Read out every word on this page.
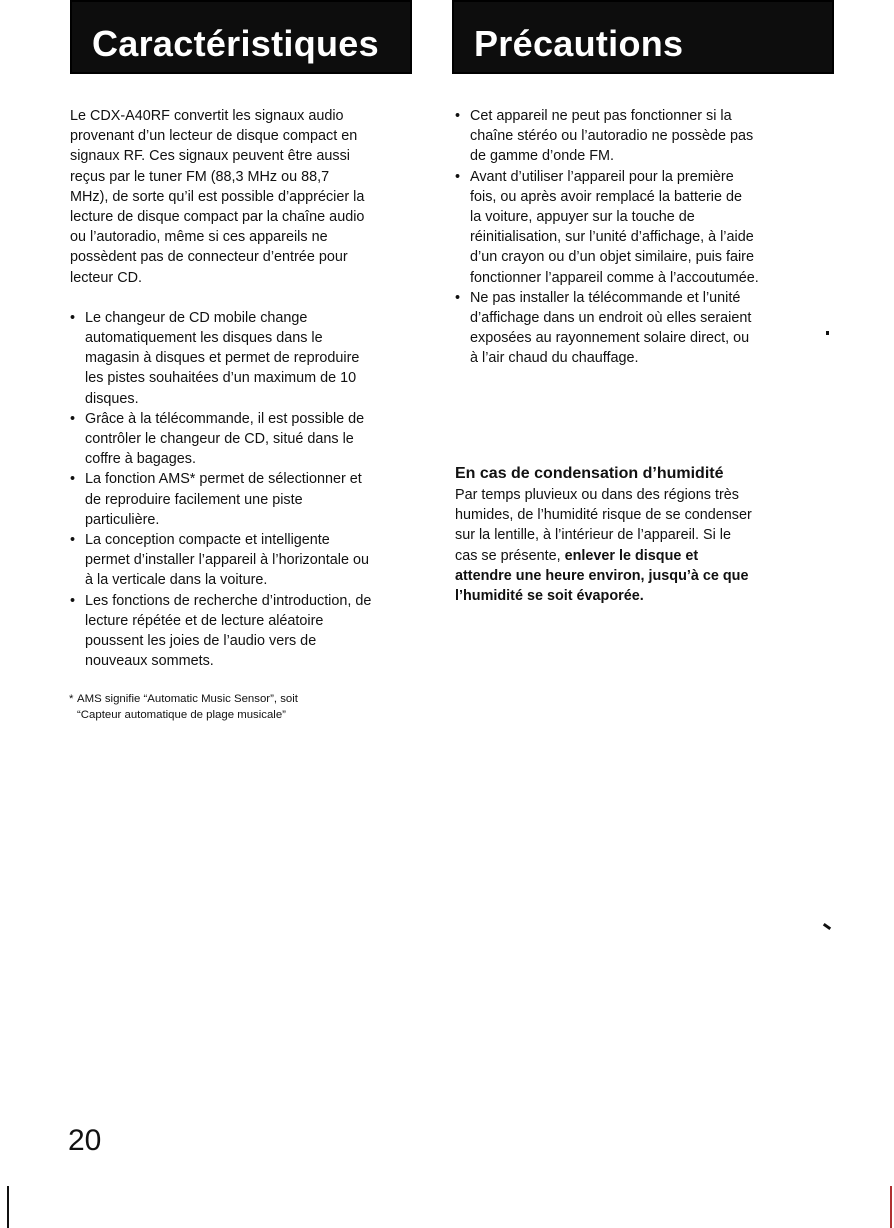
Caractéristiques	Précautions

Le CDX-A40RF convertit les signaux audio
provenant d’un lecteur de disque compact en
signaux RF. Ces signaux peuvent être aussi
reçus par le tuner FM (88,3 MHz ou 88,7
MHz), de sorte qu’il est possible d’apprécier la
lecture de disque compact par la chaîne audio
ou l’autoradio, même si ces appareils ne
possèdent pas de connecteur d’entrée pour
lecteur CD.

• Le changeur de CD mobile change
automatiquement les disques dans le
magasin à disques et permet de reproduire
les pistes souhaitées d’un maximum de 10
disques.
• Grâce à la télécommande, il est possible de
contrôler le changeur de CD, situé dans le
coffre à bagages.
• La fonction AMS* permet de sélectionner et
de reproduire facilement une piste
particulière.
• La conception compacte et intelligente
permet d’installer l’appareil à l’horizontale ou
à la verticale dans la voiture.
• Les fonctions de recherche d’introduction, de
lecture répétée et de lecture aléatoire
poussent les joies de l’audio vers de
nouveaux sommets.

* AMS signifie “Automatic Music Sensor”, soit
“Capteur automatique de plage musicale”

• Cet appareil ne peut pas fonctionner si la
chaîne stéréo ou l’autoradio ne possède pas
de gamme d’onde FM.
• Avant d’utiliser l’appareil pour la première
fois, ou après avoir remplacé la batterie de
la voiture, appuyer sur la touche de
réinitialisation, sur l’unité d’affichage, à l’aide
d’un crayon ou d’un objet similaire, puis faire
fonctionner l’appareil comme à l’accoutumée.
• Ne pas installer la télécommande et l’unité
d’affichage dans un endroit où elles seraient
exposées au rayonnement solaire direct, ou
à l’air chaud du chauffage.
En cas de condensation d’humidité

Par temps pluvieux ou dans des régions très
humides, de l’humidité risque de se condenser
sur la lentille, à l’intérieur de l’appareil. Si le
cas se présente, enlever le disque et
attendre une heure environ, jusqu’à ce que
l’humidité se soit évaporée.

20
